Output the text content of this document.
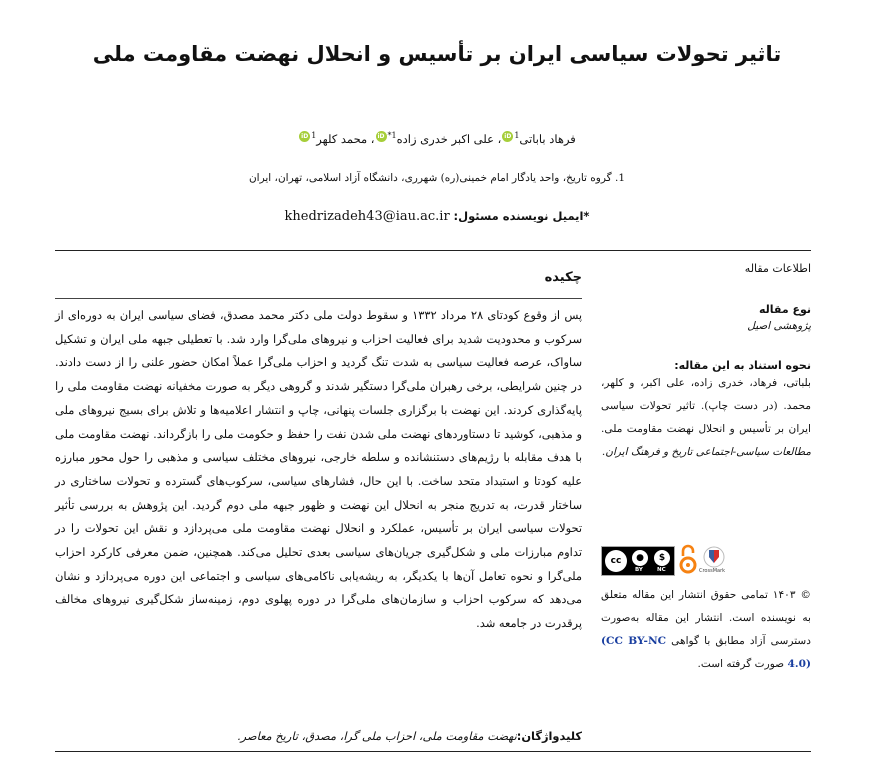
تاثیر تحولات سیاسی ایران بر تأسیس و انحلال نهضت مقاومت ملی
فرهاد باباتی$^1$iD، علی اکبر خدری زاده$^{1*}$iD، محمد کلهر$^1$iD
1. گروه تاریخ، واحد یادگار امام خمینی(ره) شهرری، دانشگاه آزاد اسلامی، تهران، ایران
*ایمیل نویسنده مسئول: khedrizadeh43@iau.ac.ir
اطلاعات مقاله
نوع مقاله
پژوهشی اصیل
نحوه استناد به این مقاله:
بلباتی، فرهاد، خدری زاده، علی اکبر، و کلهر، محمد. (در دست چاپ). تاثیر تحولات سیاسی ایران بر تأسیس و انحلال نهضت مقاومت ملی. مطالعات سیاسی-اجتماعی تاریخ و فرهنگ ایران.
cc	●	$
BY	NC	CrossMark
© ۱۴۰۳ تمامی حقوق انتشار این مقاله متعلق به نویسنده است. انتشار این مقاله به‌صورت دسترسی آزاد مطابق با گواهی (CC BY-NC 4.0) صورت گرفته است.
چکیده
پس از وقوع کودتای ۲۸ مرداد ۱۳۳۲ و سقوط دولت ملی دکتر محمد مصدق، فضای سیاسی ایران به دوره‌ای از سرکوب و محدودیت شدید برای فعالیت احزاب و نیروهای ملی‌گرا وارد شد. با تعطیلی جبهه ملی ایران و تشکیل ساواک، عرصه فعالیت سیاسی به شدت تنگ گردید و احزاب ملی‌گرا عملاً امکان حضور علنی را از دست دادند. در چنین شرایطی، برخی رهبران ملی‌گرا دستگیر شدند و گروهی دیگر به صورت مخفیانه نهضت مقاومت ملی را پایه‌گذاری کردند. این نهضت با برگزاری جلسات پنهانی، چاپ و انتشار اعلامیه‌ها و تلاش برای بسیج نیروهای ملی و مذهبی، کوشید تا دستاوردهای نهضت ملی شدن نفت را حفظ و حکومت ملی را بازگرداند. نهضت مقاومت ملی با هدف مقابله با رژیم‌های دستنشانده و سلطه خارجی، نیروهای مختلف سیاسی و مذهبی را حول محور مبارزه علیه کودتا و استبداد متحد ساخت. با این حال، فشارهای سیاسی، سرکوب‌های گسترده و تحولات ساختاری در ساختار قدرت، به تدریج منجر به انحلال این نهضت و ظهور جبهه ملی دوم گردید. این پژوهش به بررسی تأثیر تحولات سیاسی ایران بر تأسیس، عملکرد و انحلال نهضت مقاومت ملی می‌پردازد و نقش این تحولات را در تداوم مبارزات ملی و شکل‌گیری جریان‌های سیاسی بعدی تحلیل می‌کند. همچنین، ضمن معرفی کارکرد احزاب ملی‌گرا و نحوه تعامل آن‌ها با یکدیگر، به ریشه‌یابی ناکامی‌های سیاسی و اجتماعی این دوره می‌پردازد و نشان می‌دهد که سرکوب احزاب و سازمان‌های ملی‌گرا در دوره پهلوی دوم، زمینه‌ساز شکل‌گیری نیروهای مخالف پرقدرت در جامعه شد.
کلیدواژگان:نهضت مقاومت ملی، احزاب ملی گرا، مصدق، تاریخ معاصر.
